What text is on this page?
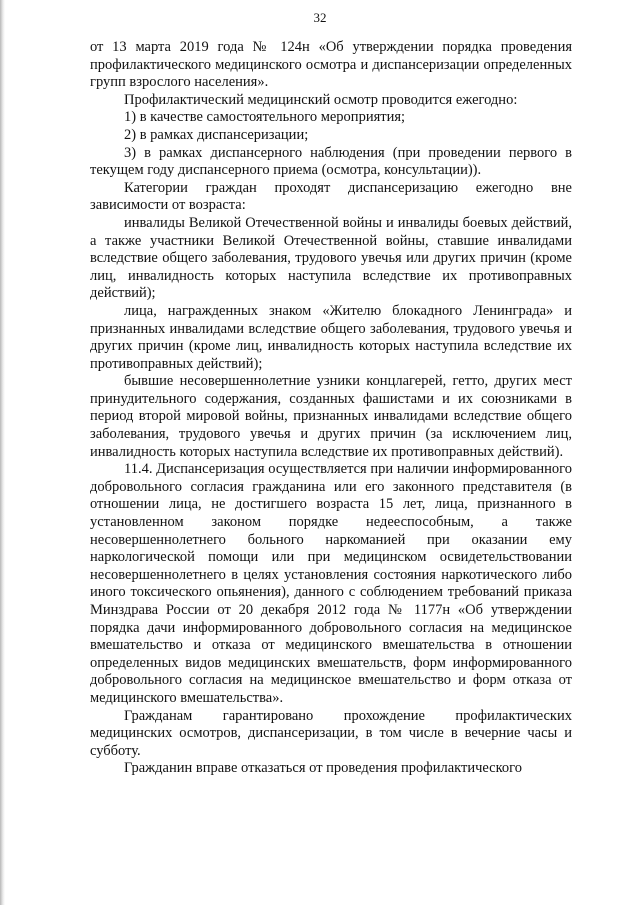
32

от 13 марта 2019 года № 124н «Об утверждении порядка проведения профилактического медицинского осмотра и диспансеризации определенных групп взрослого населения».

Профилактический медицинский осмотр проводится ежегодно:

1) в качестве самостоятельного мероприятия;

2) в рамках диспансеризации;

3) в рамках диспансерного наблюдения (при проведении первого в текущем году диспансерного приема (осмотра, консультации)).

Категории граждан проходят диспансеризацию ежегодно вне зависимости от возраста:

инвалиды Великой Отечественной войны и инвалиды боевых действий, а также участники Великой Отечественной войны, ставшие инвалидами вследствие общего заболевания, трудового увечья или других причин (кроме лиц, инвалидность которых наступила вследствие их противоправных действий);

лица, награжденных знаком «Жителю блокадного Ленинграда» и признанных инвалидами вследствие общего заболевания, трудового увечья и других причин (кроме лиц, инвалидность которых наступила вследствие их противоправных действий);

бывшие несовершеннолетние узники концлагерей, гетто, других мест принудительного содержания, созданных фашистами и их союзниками в период второй мировой войны, признанных инвалидами вследствие общего заболевания, трудового увечья и других причин (за исключением лиц, инвалидность которых наступила вследствие их противоправных действий).

11.4. Диспансеризация осуществляется при наличии информированного добровольного согласия гражданина или его законного представителя (в отношении лица, не достигшего возраста 15 лет, лица, признанного в установленном законом порядке недееспособным, а также несовершеннолетнего больного наркоманией при оказании ему наркологической помощи или при медицинском освидетельствовании несовершеннолетнего в целях установления состояния наркотического либо иного токсического опьянения), данного с соблюдением требований приказа Минздрава России от 20 декабря 2012 года № 1177н «Об утверждении порядка дачи информированного добровольного согласия на медицинское вмешательство и отказа от медицинского вмешательства в отношении определенных видов медицинских вмешательств, форм информированного добровольного согласия на медицинское вмешательство и форм отказа от медицинского вмешательства».

Гражданам гарантировано прохождение профилактических медицинских осмотров, диспансеризации, в том числе в вечерние часы и субботу.

Гражданин вправе отказаться от проведения профилактического
